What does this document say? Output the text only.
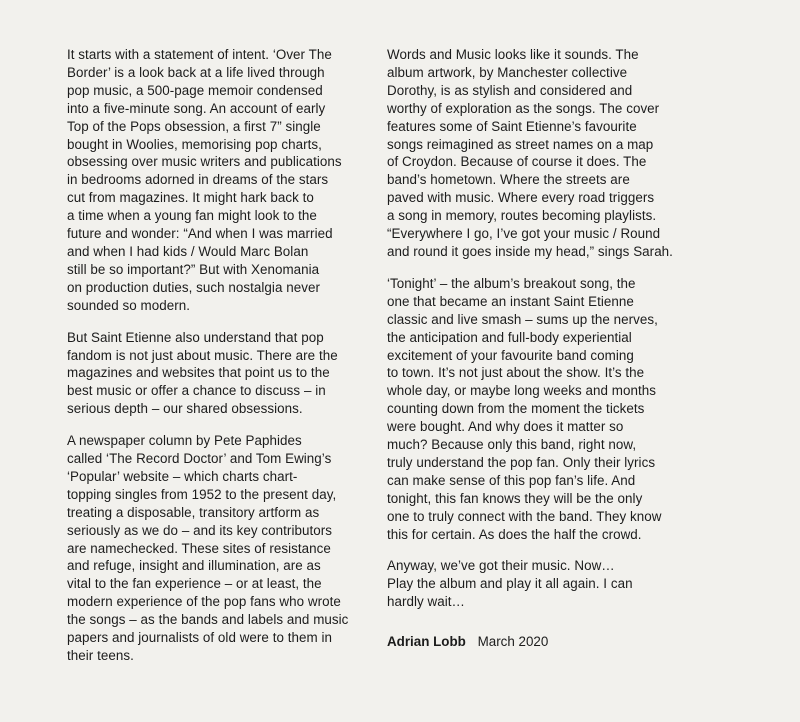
It starts with a statement of intent. ‘Over The
Border’ is a look back at a life lived through
pop music, a 500-page memoir condensed
into a five-minute song. An account of early
Top of the Pops obsession, a first 7” single
bought in Woolies, memorising pop charts,
obsessing over music writers and publications
in bedrooms adorned in dreams of the stars
cut from magazines. It might hark back to
a time when a young fan might look to the
future and wonder: “And when I was married
and when I had kids / Would Marc Bolan
still be so important?” But with Xenomania
on production duties, such nostalgia never
sounded so modern.

But Saint Etienne also understand that pop
fandom is not just about music. There are the
magazines and websites that point us to the
best music or offer a chance to discuss – in
serious depth – our shared obsessions.

A newspaper column by Pete Paphides
called ‘The Record Doctor’ and Tom Ewing’s
‘Popular’ website – which charts chart-
topping singles from 1952 to the present day,
treating a disposable, transitory artform as
seriously as we do – and its key contributors
are namechecked. These sites of resistance
and refuge, insight and illumination, are as
vital to the fan experience – or at least, the
modern experience of the pop fans who wrote
the songs – as the bands and labels and music
papers and journalists of old were to them in
their teens.

Words and Music looks like it sounds. The
album artwork, by Manchester collective
Dorothy, is as stylish and considered and
worthy of exploration as the songs. The cover
features some of Saint Etienne’s favourite
songs reimagined as street names on a map
of Croydon. Because of course it does. The
band’s hometown. Where the streets are
paved with music. Where every road triggers
a song in memory, routes becoming playlists.
“Everywhere I go, I’ve got your music / Round
and round it goes inside my head,” sings Sarah.

‘Tonight’ – the album’s breakout song, the
one that became an instant Saint Etienne
classic and live smash – sums up the nerves,
the anticipation and full-body experiential
excitement of your favourite band coming
to town. It’s not just about the show. It’s the
whole day, or maybe long weeks and months
counting down from the moment the tickets
were bought. And why does it matter so
much? Because only this band, right now,
truly understand the pop fan. Only their lyrics
can make sense of this pop fan’s life. And
tonight, this fan knows they will be the only
one to truly connect with the band. They know
this for certain. As does the half the crowd.

Anyway, we’ve got their music. Now…
Play the album and play it all again. I can
hardly wait…

Adrian Lobb March 2020
